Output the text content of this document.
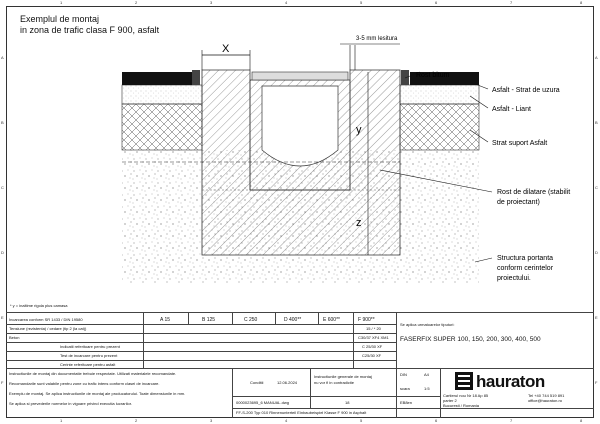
1	2	3	4	5	6	7	8
1	2	3	4	5	6	7	8
A
B
C
D
E
F
A
B
C
D
E
F
Exemplul de montaj
in zona de trafic clasa F 900, asfalt
X
3-5 mm lesitura
y
z
Rost bitum
Asfalt - Strat de uzura
Asfalt - Liant
Strat suport Asfalt
Rost de dilatare (stabilit
de proiectant)
Structura portanta
conform cerintelor
proiectului.
* y = inaltime rigola plus camasa
Incarcarea conform SR 1433 / DIN 19580	A 15	B 125	C 250	D 400**	E 600**	F 900**
Tensiune (rezistenta) / cedare (tip 2 (la cat))	15 / * 20
Beton	C30/37 XF4 XM1
Indicatii referitoare pentru prezent	C 25/30 XF
Test de incarcare pentru prezent	C25/30 XF
Cerinte referitoare pentru asfalt
Se aplica urmatoarelor tiputuri:
FASERFIX SUPER 100, 150, 200, 300, 400, 500
Instructiunile de montaj din documentatie trebuie respectate. Utilizati materialele recomandate.
Recomandarile sunt valabile pentru zone cu trafic intens conform clasei de incarcare.
Exemplu de montaj. Se aplica instructiunile de montaj ale producatorului. Toate dimensiunile in mm.
Se aplica si prevederile normelor in vigoare privind executia lucrarilor.
Conditii	12.06.2024
Instructiunile generale de montaj
nu vor fi in contradictie
0000023695_6 MANUAL.dwg	18	EB8en
DIN	A4
scara	1:5
FF-S-200 Typ 010 Rinnenunterteil Einbaubeispiel Klasse F 900 in Asphalt
hauraton
Cartierul nou Nr 18 Ap 85
parter 2
Bucuresti / Romania
Tel +40 744 519 891
office@hauraton.ro
